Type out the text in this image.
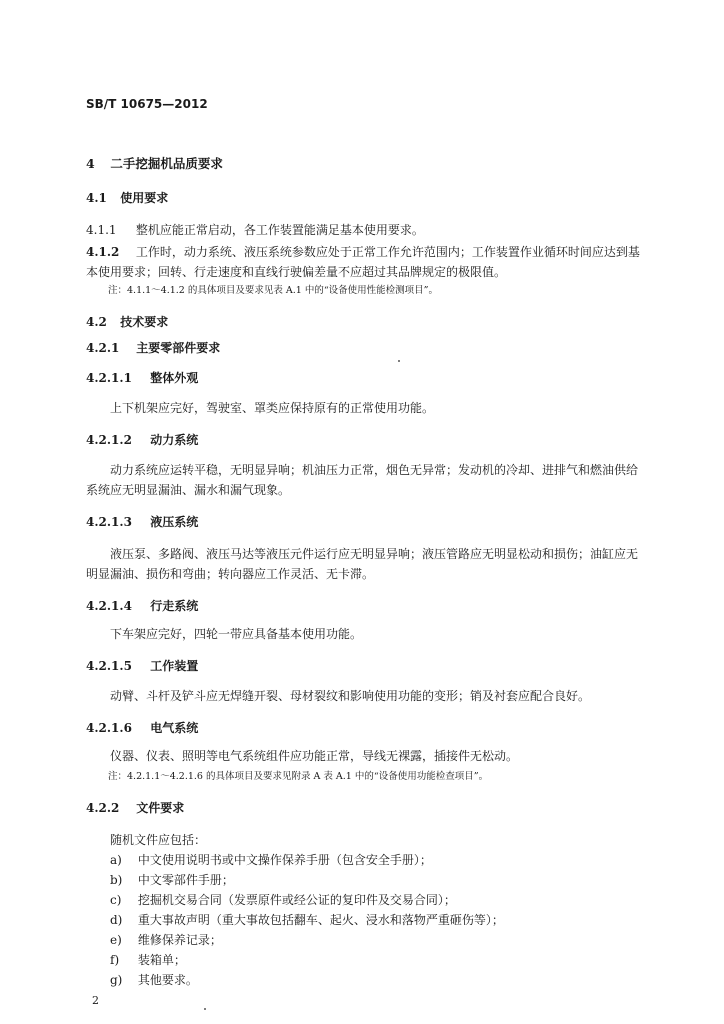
SB/T 10675—2012
4 二手挖掘机品质要求
4.1 使用要求
4.1.1 整机应能正常启动，各工作装置能满足基本使用要求。
4.1.2 工作时，动力系统、液压系统参数应处于正常工作允许范围内；工作装置作业循环时间应达到基
本使用要求；回转、行走速度和直线行驶偏差量不应超过其品牌规定的极限值。
注：4.1.1～4.1.2 的具体项目及要求见表 A.1 中的“设备使用性能检测项目”。
4.2 技术要求
4.2.1 主要零部件要求
4.2.1.1 整体外观
上下机架应完好，驾驶室、罩类应保持原有的正常使用功能。
4.2.1.2 动力系统
动力系统应运转平稳，无明显异响；机油压力正常，烟色无异常；发动机的冷却、进排气和燃油供给
系统应无明显漏油、漏水和漏气现象。
4.2.1.3 液压系统
液压泵、多路阀、液压马达等液压元件运行应无明显异响；液压管路应无明显松动和损伤；油缸应无
明显漏油、损伤和弯曲；转向器应工作灵活、无卡滞。
4.2.1.4 行走系统
下车架应完好，四轮一带应具备基本使用功能。
4.2.1.5 工作装置
动臂、斗杆及铲斗应无焊缝开裂、母材裂纹和影响使用功能的变形；销及衬套应配合良好。
4.2.1.6 电气系统
仪器、仪表、照明等电气系统组件应功能正常，导线无裸露，插接件无松动。
注：4.2.1.1～4.2.1.6 的具体项目及要求见附录 A 表 A.1 中的“设备使用功能检查项目”。
4.2.2 文件要求
随机文件应包括：
a) 中文使用说明书或中文操作保养手册（包含安全手册）；
b) 中文零部件手册；
c) 挖掘机交易合同（发票原件或经公证的复印件及交易合同）；
d) 重大事故声明（重大事故包括翻车、起火、浸水和落物严重砸伤等）；
e) 维修保养记录；
f) 装箱单；
g) 其他要求。
2
